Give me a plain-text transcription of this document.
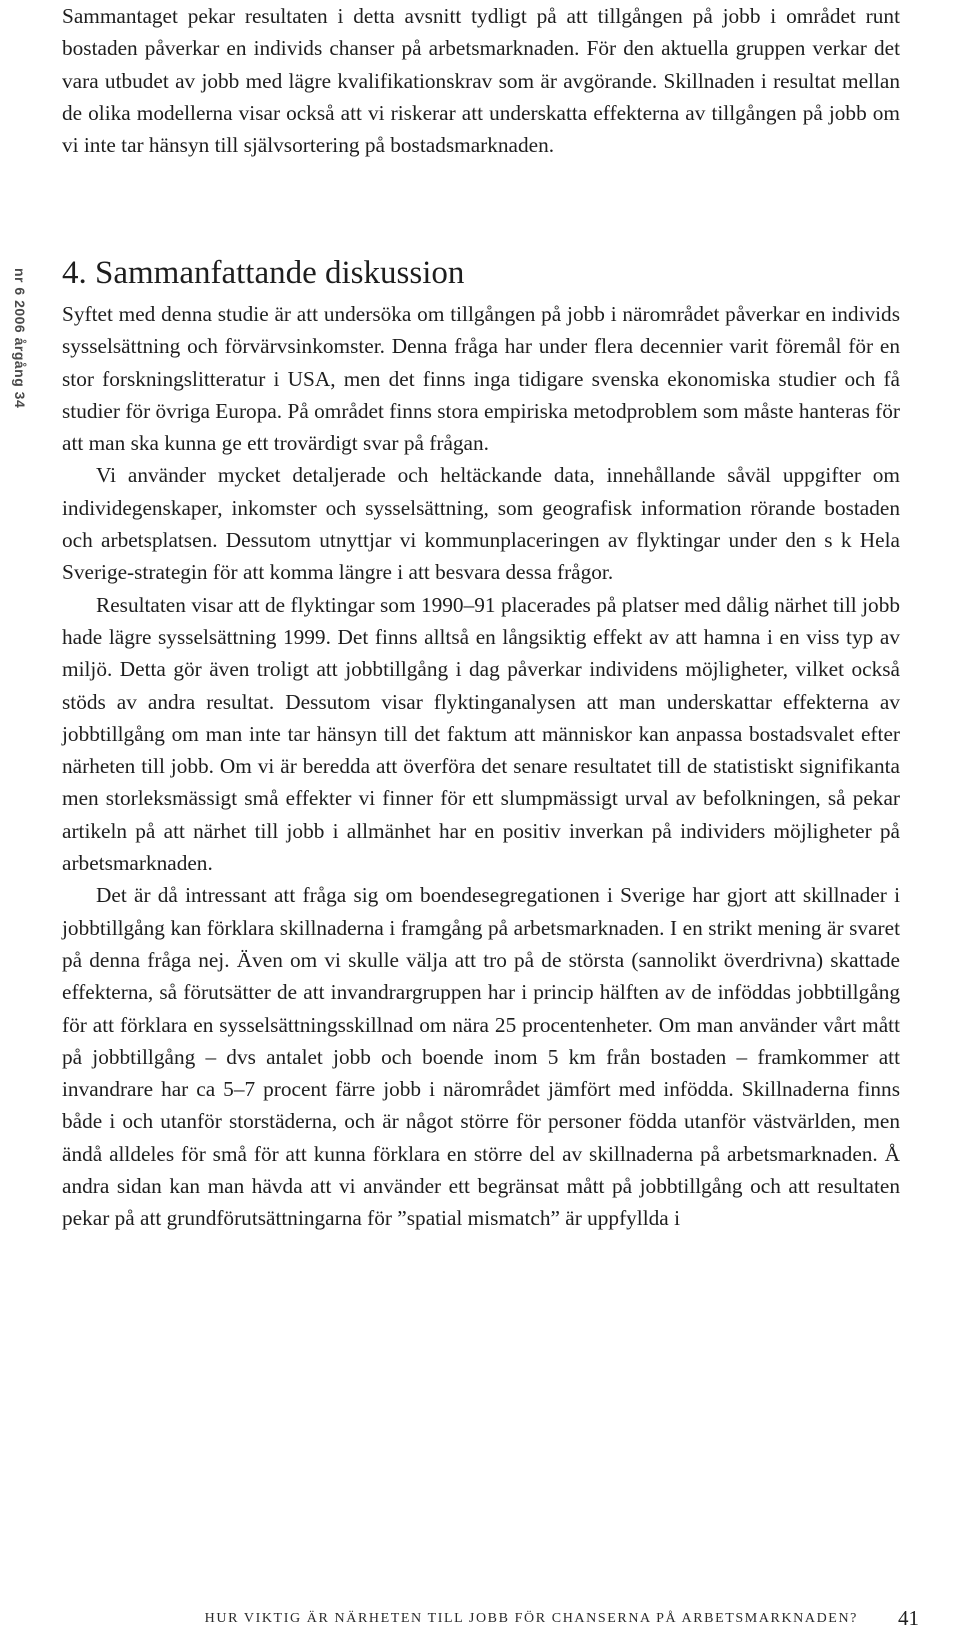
nr 6 2006 årgång 34

Sammantaget pekar resultaten i detta avsnitt tydligt på att tillgången på jobb i området runt bostaden påverkar en individs chanser på arbetsmarknaden. För den aktuella gruppen verkar det vara utbudet av jobb med lägre kvalifikationskrav som är avgörande. Skillnaden i resultat mellan de olika modellerna visar också att vi riskerar att underskatta effekterna av tillgången på jobb om vi inte tar hänsyn till självsortering på bostadsmarknaden.

4. Sammanfattande diskussion

Syftet med denna studie är att undersöka om tillgången på jobb i närområdet påverkar en individs sysselsättning och förvärvsinkomster. Denna fråga har under flera decennier varit föremål för en stor forskningslitteratur i USA, men det finns inga tidigare svenska ekonomiska studier och få studier för övriga Europa. På området finns stora empiriska metodproblem som måste hanteras för att man ska kunna ge ett trovärdigt svar på frågan.

Vi använder mycket detaljerade och heltäckande data, innehållande såväl uppgifter om individegenskaper, inkomster och sysselsättning, som geografisk information rörande bostaden och arbetsplatsen. Dessutom utnyttjar vi kommunplaceringen av flyktingar under den s k Hela Sverige-strategin för att komma längre i att besvara dessa frågor.

Resultaten visar att de flyktingar som 1990–91 placerades på platser med dålig närhet till jobb hade lägre sysselsättning 1999. Det finns alltså en långsiktig effekt av att hamna i en viss typ av miljö. Detta gör även troligt att jobbtillgång i dag påverkar individens möjligheter, vilket också stöds av andra resultat. Dessutom visar flyktinganalysen att man underskattar effekterna av jobbtillgång om man inte tar hänsyn till det faktum att människor kan anpassa bostadsvalet efter närheten till jobb. Om vi är beredda att överföra det senare resultatet till de statistiskt signifikanta men storleksmässigt små effekter vi finner för ett slumpmässigt urval av befolkningen, så pekar artikeln på att närhet till jobb i allmänhet har en positiv inverkan på individers möjligheter på arbetsmarknaden.

Det är då intressant att fråga sig om boendesegregationen i Sverige har gjort att skillnader i jobbtillgång kan förklara skillnaderna i framgång på arbetsmarknaden. I en strikt mening är svaret på denna fråga nej. Även om vi skulle välja att tro på de största (sannolikt överdrivna) skattade effekterna, så förutsätter de att invandrargruppen har i princip hälften av de inföddas jobbtillgång för att förklara en sysselsättningsskillnad om nära 25 procentenheter. Om man använder vårt mått på jobbtillgång – dvs antalet jobb och boende inom 5 km från bostaden – framkommer att invandrare har ca 5–7 procent färre jobb i närområdet jämfört med infödda. Skillnaderna finns både i och utanför storstäderna, och är något större för personer födda utanför västvärlden, men ändå alldeles för små för att kunna förklara en större del av skillnaderna på arbetsmarknaden. Å andra sidan kan man hävda att vi använder ett begränsat mått på jobbtillgång och att resultaten pekar på att grundförutsättningarna för ”spatial mismatch” är uppfyllda i

HUR VIKTIG ÄR NÄRHETEN TILL JOBB FÖR CHANSERNA PÅ ARBETSMARKNADEN? 41
